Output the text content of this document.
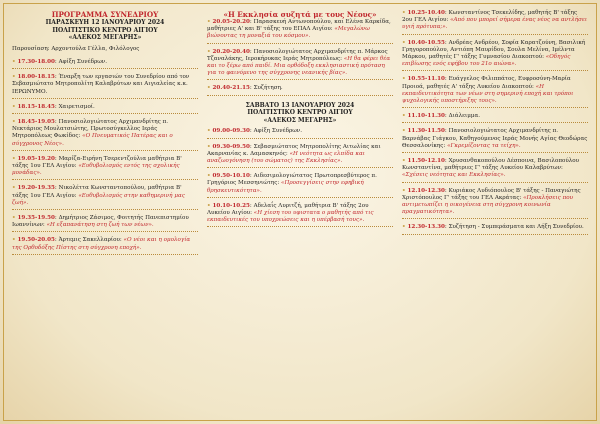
ΠΡΟΓΡΑΜΜΑ ΣΥΝΕΔΡΙΟΥ
ΠΑΡΑΣΚΕΥΗ 12 ΙΑΝΟΥΑΡΙΟΥ 2024
ΠΟΛΙΤΙΣΤΙΚΟ ΚΕΝΤΡΟ ΑΙΓΙΟΥ
«ΑΛΕΚΟΣ ΜΕΓΑΡΗΣ»
Παρουσίαση: Αρχοντούλα Γέλλα, Φιλόλογος
• 17.30-18.00: Αφίξη Συνέδρων.
• 18.00-18.15: Έναρξη των εργασιών του Συνεδρίου από τον Σεβασμιώτατο Μητροπολίτη Καλαβρύτων και Αιγιαλείας κ.κ. ΙΕΡΩΝΥΜΟ.
• 18.15-18.45: Χαιρετισμοί.
• 18.45-19.05: Πανοσιολογιώτατος Αρχιμανδρίτης π. Νεκτάριος Μουλατσιώτης, Πρωτοσύγκελλος Ιεράς Μητροπόλεως Φωκίδος: «Ο Πνευματικός Πατέρας και ο σύγχρονος Νέος».
• 19.05-19.20: Μαρίζα-Ειρήνη Τσερεντζούλια μαθήτρια Β' τάξης 1ου ΓΕΛ Αιγίου: «Ευθυβολισμός εντός της σχολικής μονάδας».
• 19.20-19.35: Νικολέττα Κωνσταντοπούλου, μαθήτρια Β' τάξης 1ου ΓΕΛ Αιγίου: «Ευθυβολισμός στην καθημερινή μας ζωή».
• 19.35-19.50: Δημήτριος Ζάσιμος, Φοιτητής Πανεπιστημίου Ιωαννίνων: «Η εξαπανάτηση στη ζωή των νέων».
• 19.50-20.05: Άρτεμις Σακελλαρίου: «Ο νέοι και η ομολογία της Ορθοδόξης Πίστης στη σύγχρονη εποχή».
«Η Εκκλησία συζητά με τους Νέους»
• 20.05-20.20: Παρασκευή Αντωνοπούλου, και Ελένα Καρκίδα, μαθήτριες Α' και Β' τάξης του ΕΠΑΛ Αιγίου: «Μεγαλώνω βιώνοντας τη μοναξιά του κόσμου».
• 20.20-20.40: Πανοσιολογιώτατος Αρχιμανδρίτης π. Μάρκος Τζαναλάκης, Ιεροκήρυκας Ιεράς Μητροπόλεως: «Η θα φέρει θέα και το ξέρω από παιδί. Μια ορθόδοξη εκκλησιαστική πρόταση για το φαινόμενο της σύγχρονης νεανικής βίας».
• 20.40-21.15: Συζήτηση.
ΣΑΒΒΑΤΟ 13 ΙΑΝΟΥΑΡΙΟΥ 2024
ΠΟΛΙΤΙΣΤΙΚΟ ΚΕΝΤΡΟ ΑΙΓΙΟΥ
«ΑΛΕΚΟΣ ΜΕΓΑΡΗΣ»
• 09.00-09.30: Αφίξη Συνέδρων.
• 09.30-09.50: Σεβασμιώτατος Μητροπολίτης Αιτωλίας και Ακαρνανίας κ. Δαμασκηνός: «Η νεότητα ως ελπίδα και αναζωογόνηση (του σώματος) της Εκκλησίας».
• 09.50-10.10: Αιδεσιμολογιώτατος Πρωτοπρεσβύτερος π. Γρηγόριος Μεσσηνιώτης: «Προσεγγίσεις στην εφηβική θρησκευτικότητα».
• 10.10-10.25: Αδελαΐς Λυριτζή, μαθήτρια Β' τάξης 2ου Λυκείου Αιγίου: «Η χίεση του υφιστατα ο μαθητής από τις εκπαιδευτικές του υποχρεώσεις και η υπέρβασή τους».
• 10.25-10.40: Κωνσταντίνος Τσεκελίδης, μαθητής Β' τάξης 2ου ΓΕΛ Αιγίου: «Από που μπορεί σήμερα ένας νέος να αντλήσει υγιή πρότυπα;».
• 10.40-10.55: Ανδρέας Ανδρέου, Σοφία Καρατζούνη, Βασιλική Γρηγοροπούλου, Αντιόπη Μαυρίδου, Σουλα Μελίνα, Ιμέλντα Μάρκου, μαθητές Γ' τάξης Γυμνασίου Διακοπτού: «Οδηγός επιβίωσης ενός εφήβου του 21ο αιώνα».
• 10.55-11.10: Ευάγγελος Φιλιππάτος, Ευφροσύνη-Μαρία Προιοά, μαθητές Α' τάξης Λυκείου Διακοπτού: «Η εκπαιδευτικότητα των νέων στη σημερινή εποχή και τρόποι ψυχολογικής υποστήριξης τους».
• 11.10-11.30: Διάλειμμα.
• 11.30-11.50: Πανοσιολογιώτατος Αρχιμανδρίτης π. Βαρνάβας Γιάγκου, Καθηγούμενος Ιεράς Μονής Αγίας Θεοδώρας Θεσσαλονίκης: «Γκρεμίζοντας τα τείχη».
• 11.50-12.10: Χρυσανθακοπούλου Δέσποινα, Βασιλοπούλου Κωνσταντίνα, μαθήτριες Γ' τάξης Λυκείου Καλαβρύτων: «Σχέσεις νεότητας και Εκκλησίας».
• 12.10-12.30: Κυριάκος Λυδιόπουλος Β' τάξης - Παναγιώτης Χριστόπουλος Γ' τάξης του ΓΕΛ Ακράτας: «Προκλήσεις που αντιμετωπίζει η οικογένεια στη σύγχρονη κοινωνία πραγματικότητα».
• 12.30-13.30: Συζήτηση - Συμπεράσματα και Λήξη Συνεδρίου.
